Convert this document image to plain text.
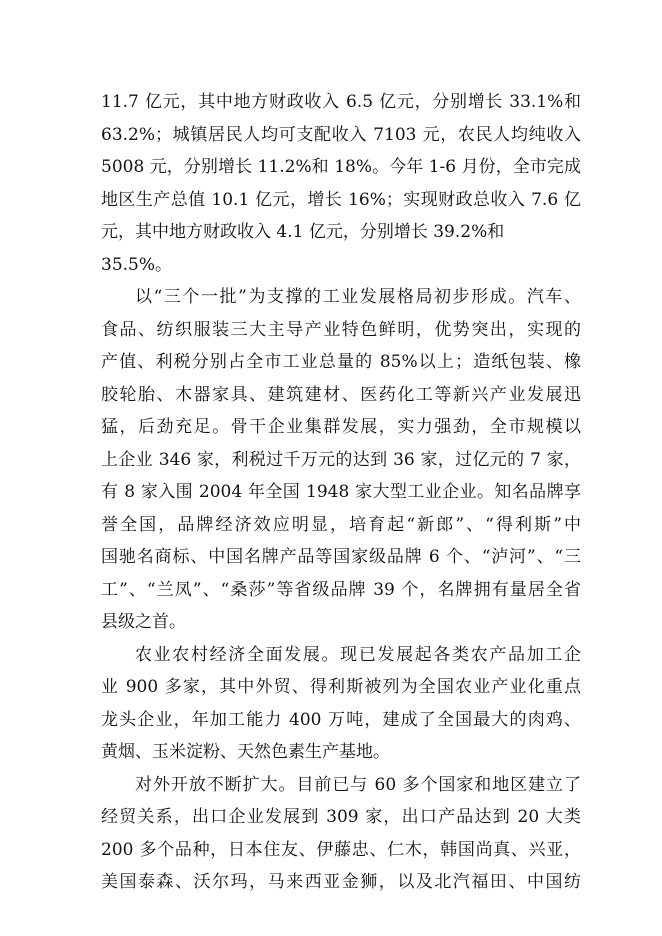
11.7 亿元，其中地方财政收入 6.5 亿元，分别增长 33.1%和
63.2%；城镇居民人均可支配收入 7103 元，农民人均纯收入
5008 元，分别增长 11.2%和 18%。今年 1-6 月份，全市完成
地区生产总值 10.1 亿元，增长 16%；实现财政总收入 7.6 亿
元，其中地方财政收入 4.1 亿元，分别增长 39.2%和
35.5%。
以“三个一批”为支撑的工业发展格局初步形成。汽车、
食品、纺织服装三大主导产业特色鲜明，优势突出，实现的
产值、利税分别占全市工业总量的 85%以上；造纸包装、橡
胶轮胎、木器家具、建筑建材、医药化工等新兴产业发展迅
猛，后劲充足。骨干企业集群发展，实力强劲，全市规模以
上企业 346 家，利税过千万元的达到 36 家，过亿元的 7 家，
有 8 家入围 2004 年全国 1948 家大型工业企业。知名品牌享
誉全国，品牌经济效应明显，培育起“新郎”、“得利斯”中
国驰名商标、中国名牌产品等国家级品牌 6 个、“泸河”、“三
工”、“兰凤”、“桑莎”等省级品牌 39 个，名牌拥有量居全省
县级之首。
农业农村经济全面发展。现已发展起各类农产品加工企
业 900 多家，其中外贸、得利斯被列为全国农业产业化重点
龙头企业，年加工能力 400 万吨，建成了全国最大的肉鸡、
黄烟、玉米淀粉、天然色素生产基地。
对外开放不断扩大。目前已与 60 多个国家和地区建立了
经贸关系，出口企业发展到 309 家，出口产品达到 20 大类
200 多个品种，日本住友、伊藤忠、仁木，韩国尚真、兴亚，
美国泰森、沃尔玛，马来西亚金狮，以及北汽福田、中国纺
